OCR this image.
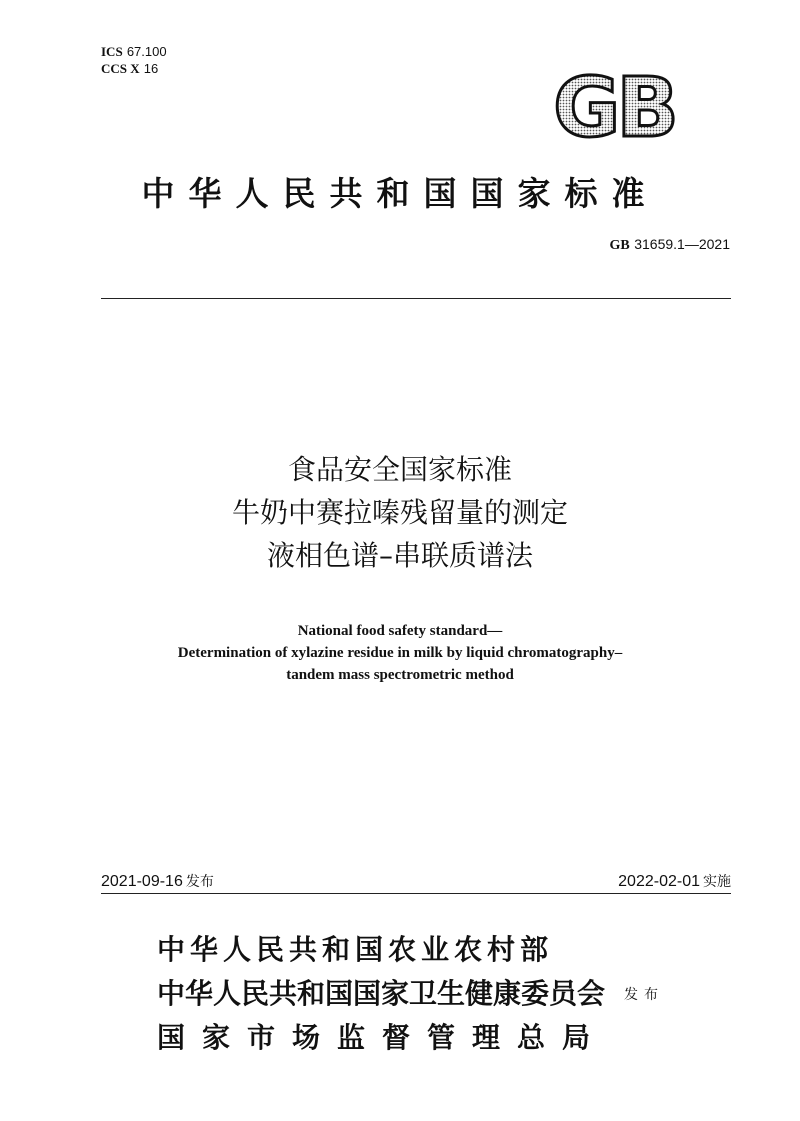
ICS 67.100
CCS X 16	GB
中华人民共和国国家标准
GB 31659.1—2021
食品安全国家标准
牛奶中赛拉嗪残留量的测定
液相色谱–串联质谱法
National food safety standard—
Determination of xylazine residue in milk by liquid chromatography–
tandem mass spectrometric method
2021-09-16 发布	2022-02-01 实施
中华人民共和国农业农村部
中华人民共和国国家卫生健康委员会
国家市场监督管理总局
发布
